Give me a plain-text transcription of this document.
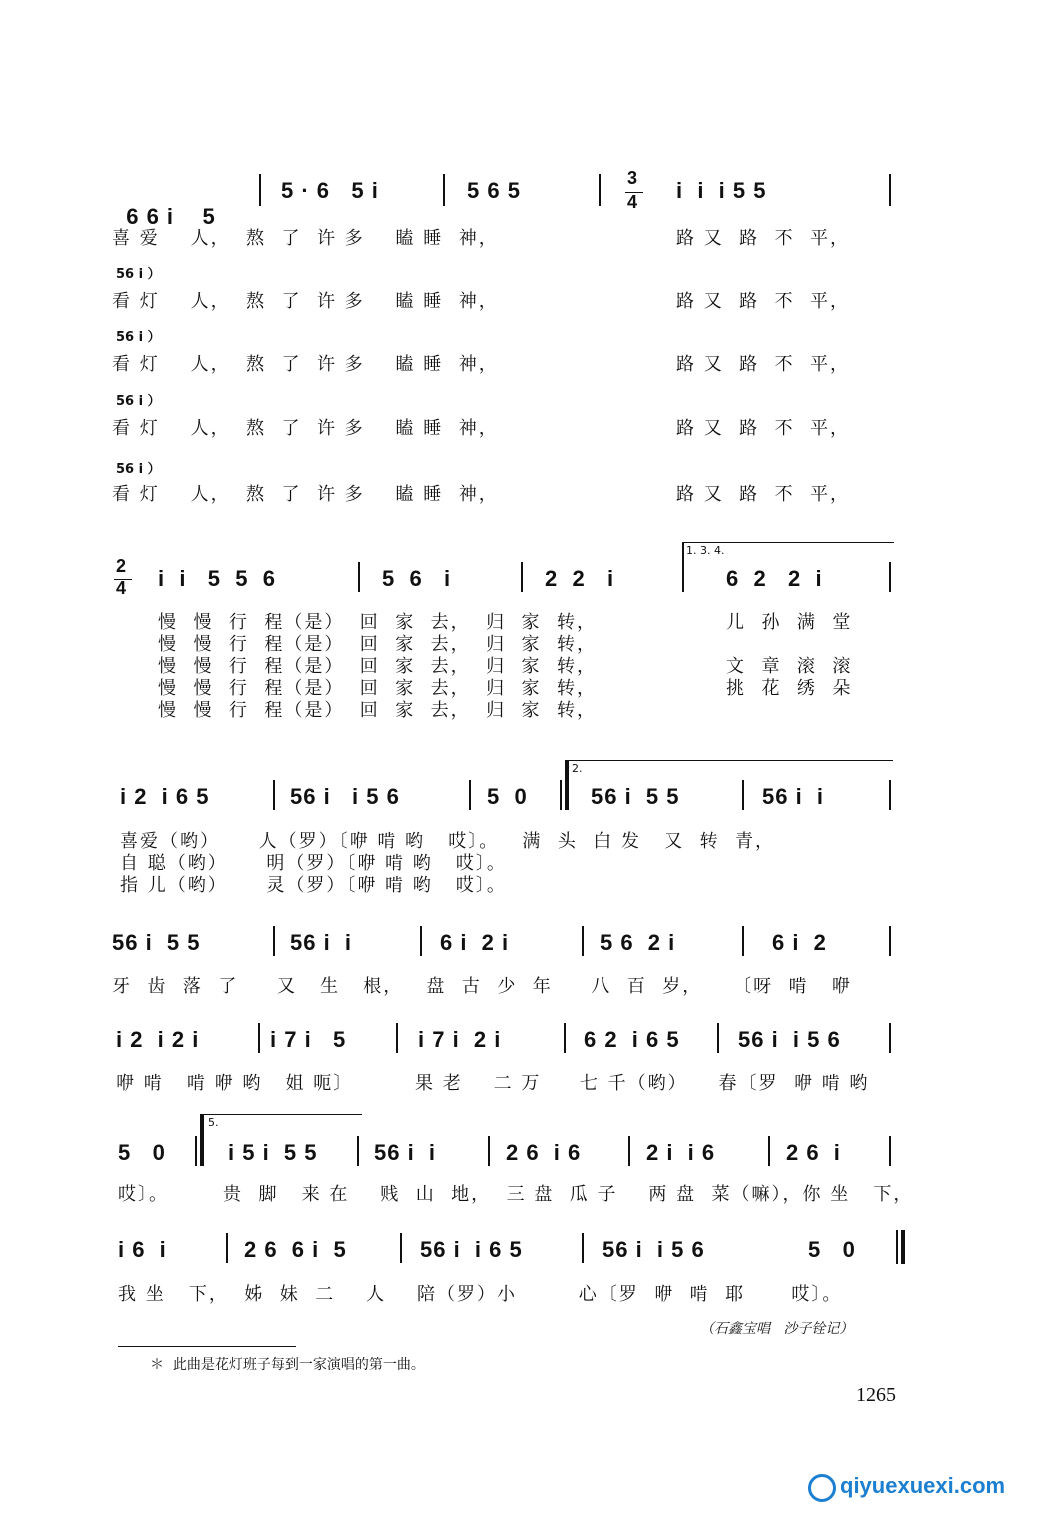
6 6 i    5

5 · 6   5 i	5 6 5	3
4 i  i  i 5 5
喜 爱    人，  熬  了  许 多    瞌 睡  神，	路 又  路  不  平，
56 i ）
看 灯    人，  熬  了  许 多    瞌 睡  神，	路 又  路  不  平，
56 i ）
看 灯    人，  熬  了  许 多    瞌 睡  神，	路 又  路  不  平，
56 i ）
看 灯    人，  熬  了  许 多    瞌 睡  神，	路 又  路  不  平，
56 i ）
看 灯    人，  熬  了  许 多    瞌 睡  神，	路 又  路  不  平，
2
4 i  i   5  5  6	5  6   i	2  2   i
1. 3. 4.
6  2   2  i
慢  慢  行  程（是）  回  家  去，  归  家  转，	儿  孙  满  堂
慢  慢  行  程（是）  回  家  去，  归  家  转，
慢  慢  行  程（是）  回  家  去，  归  家  转，	文  章  滚  滚
慢  慢  行  程（是）  回  家  去，  归  家  转，	挑  花  绣  朵
慢  慢  行  程（是）  回  家  去，  归  家  转，
i 2  i 6 5	56 i   i 5 6	5  0
2.
56 i  5 5	56 i  i
喜爱（哟）     人（罗）〔咿 啃 哟   哎〕。   满  头  白 发   又  转  青，
自 聪（哟）     明（罗）〔咿 啃 哟   哎〕。
指 儿（哟）     灵（罗）〔咿 啃 哟   哎〕。
56 i  5 5	56 i  i	6 i  2 i	5 6  2 i	6 i  2
牙  齿  落  了     又   生   根，   盘  古  少  年     八  百  岁，    〔呀  啃   咿
i 2  i 2 i	i 7 i   5	i 7 i  2 i	6 2  i 6 5	56 i  i 5 6
咿 啃   啃 咿 哟   姐 呃〕        果 老    二 万     七 千（哟）    春〔罗  咿 啃 哟
5   0
5.
i 5 i  5 5	56 i  i	2 6  i 6	2 i  i 6	2 6  i
哎〕。       贵  脚   来 在    贱  山  地，  三 盘  瓜 子    两 盘  菜（嘛），你 坐   下，
i 6  i	2 6  6 i  5	56 i  i 6 5	56 i  i 5 6	5   0
我 坐   下，  姊  妹  二    人    陪（罗）小        心〔罗  咿  啃  耶      哎〕。
（石鑫宝唱   沙子铨记）
＊  此曲是花灯班子每到一家演唱的第一曲。
1265
qiyuexuexi.com
